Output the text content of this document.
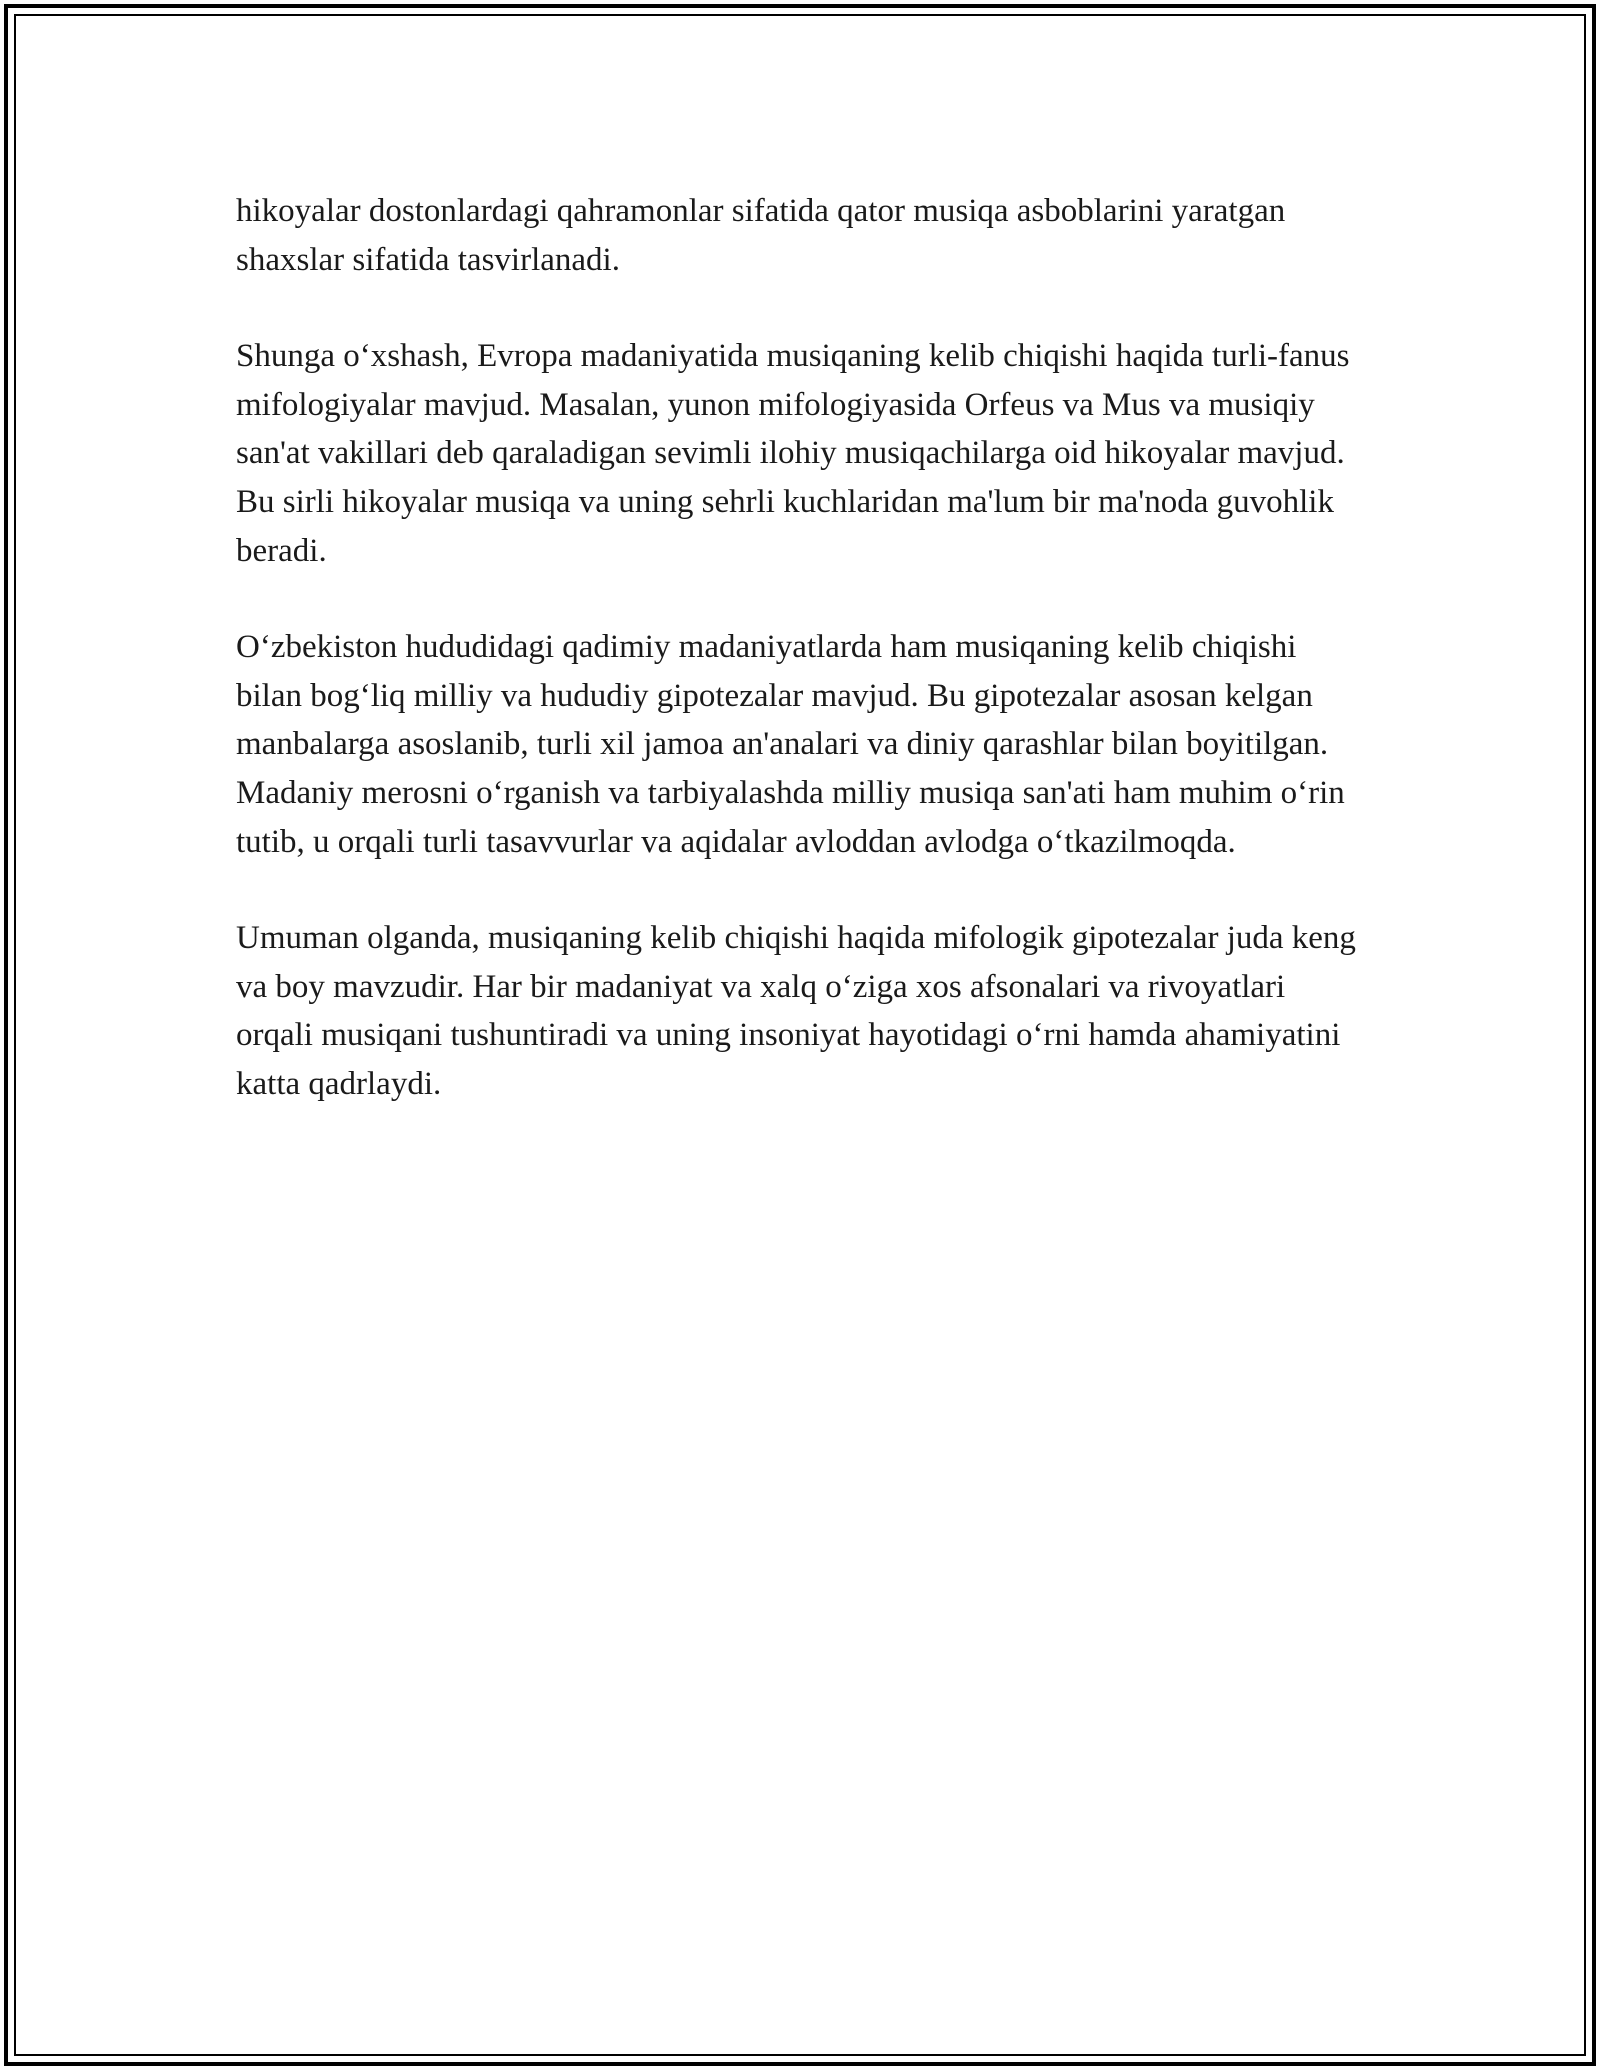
hikoyalar dostonlardagi qahramonlar sifatida qator musiqa asboblarini yaratgan shaxslar sifatida tasvirlanadi.

Shunga o‘xshash, Evropa madaniyatida musiqaning kelib chiqishi haqida turli-fanus mifologiyalar mavjud. Masalan, yunon mifologiyasida Orfeus va Mus va musiqiy san'at vakillari deb qaraladigan sevimli ilohiy musiqachilarga oid hikoyalar mavjud. Bu sirli hikoyalar musiqa va uning sehrli kuchlaridan ma'lum bir ma'noda guvohlik beradi.

O‘zbekiston hududidagi qadimiy madaniyatlarda ham musiqaning kelib chiqishi bilan bog‘liq milliy va hududiy gipotezalar mavjud. Bu gipotezalar asosan kelgan manbalarga asoslanib, turli xil jamoa an'analari va diniy qarashlar bilan boyitilgan. Madaniy merosni o‘rganish va tarbiyalashda milliy musiqa san'ati ham muhim o‘rin tutib, u orqali turli tasavvurlar va aqidalar avloddan avlodga o‘tkazilmoqda.

Umuman olganda, musiqaning kelib chiqishi haqida mifologik gipotezalar juda keng va boy mavzudir. Har bir madaniyat va xalq o‘ziga xos afsonalari va rivoyatlari orqali musiqani tushuntiradi va uning insoniyat hayotidagi o‘rni hamda ahamiyatini katta qadrlaydi.
